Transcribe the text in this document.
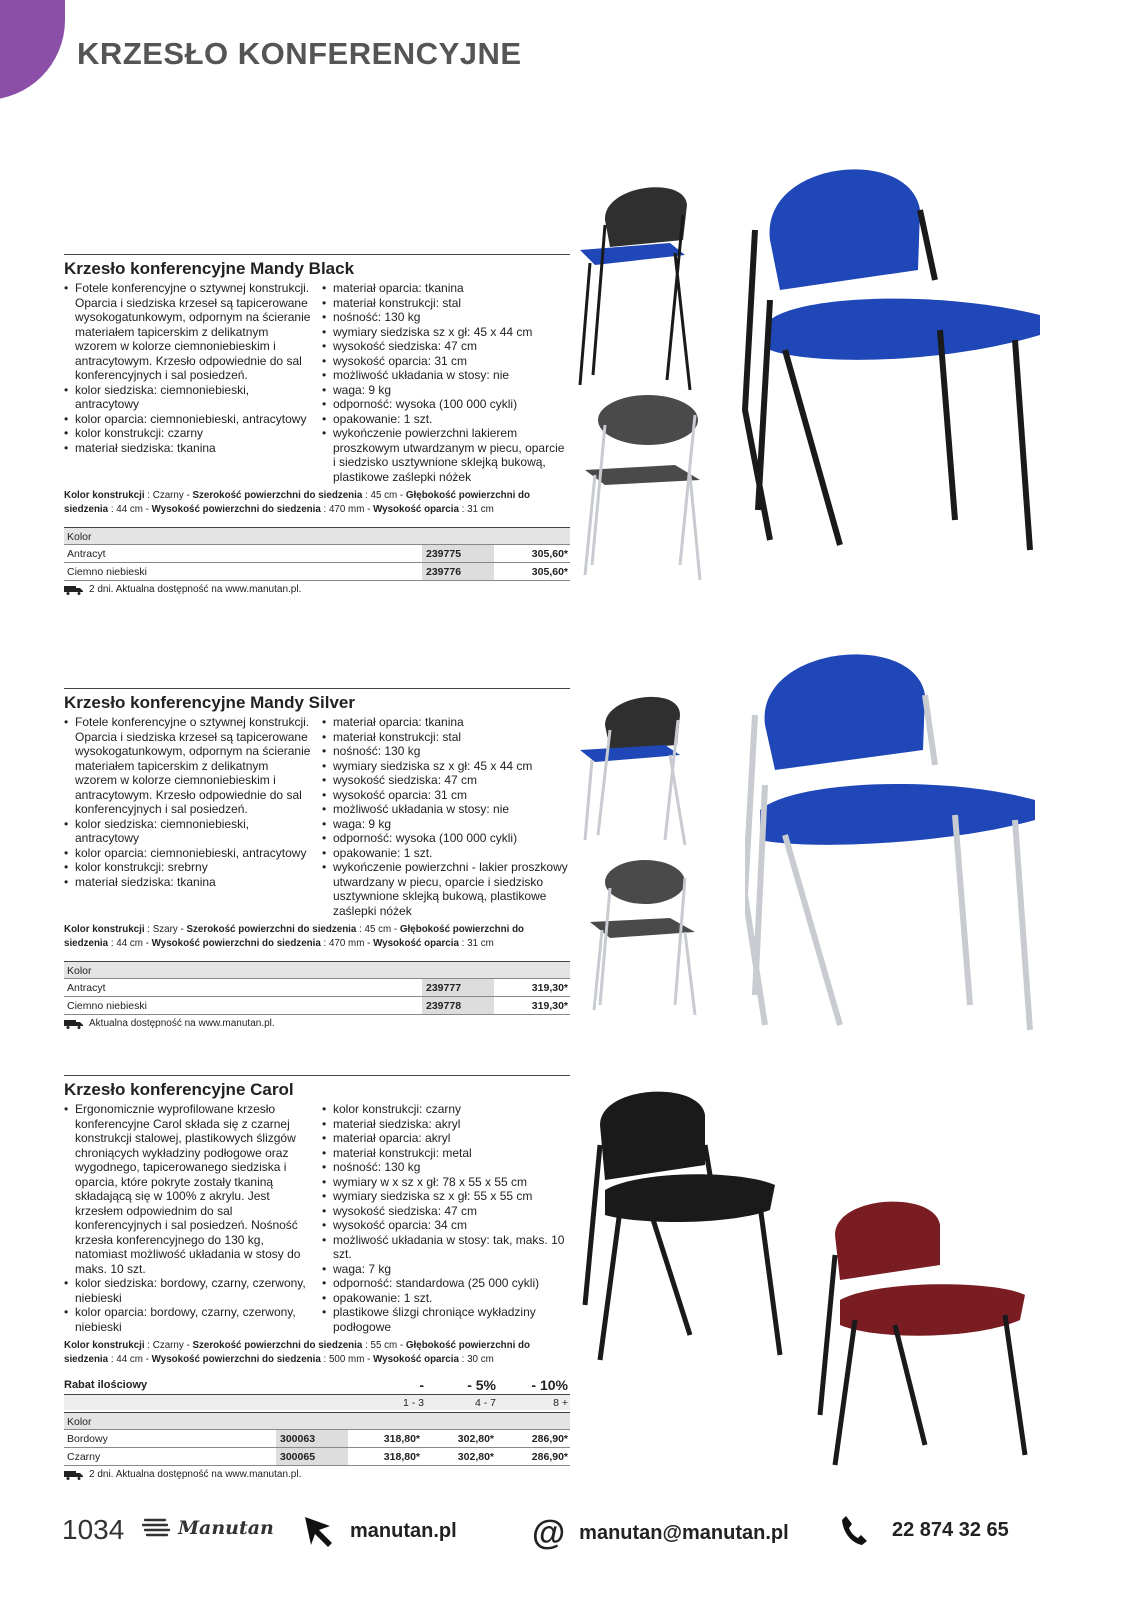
KRZESŁO KONFERENCYJNE
Krzesło konferencyjne Mandy Black
• Fotele konferencyjne o sztywnej konstrukcji. Oparcia i siedziska krzeseł są tapicerowane wysokogatunkowym, odpornym na ścieranie materiałem tapicerskim z delikatnym wzorem w kolorze ciemnoniebieskim i antracytowym. Krzesło odpowiednie do sal konferencyjnych i sal posiedzeń.
• kolor siedziska: ciemnoniebieski, antracytowy
• kolor oparcia: ciemnoniebieski, antracytowy
• kolor konstrukcji: czarny
• materiał siedziska: tkanina
• materiał oparcia: tkanina
• materiał konstrukcji: stal
• nośność: 130 kg
• wymiary siedziska sz x gł: 45 x 44 cm
• wysokość siedziska: 47 cm
• wysokość oparcia: 31 cm
• możliwość układania w stosy: nie
• waga: 9 kg
• odporność: wysoka (100 000 cykli)
• opakowanie: 1 szt.
• wykończenie powierzchni lakierem proszkowym utwardzanym w piecu, oparcie i siedzisko usztywnione sklejką bukową, plastikowe zaślepki nóżek

Kolor konstrukcji : Czarny - Szerokość powierzchni do siedzenia : 45 cm - Głębokość powierzchni do siedzenia : 44 cm - Wysokość powierzchni do siedzenia : 470 mm - Wysokość oparcia : 31 cm

Kolor
Antracyt	239775	305,60*
Ciemno niebieski	239776	305,60*
2 dni. Aktualna dostępność na www.manutan.pl.
Krzesło konferencyjne Mandy Silver
• Fotele konferencyjne o sztywnej konstrukcji. Oparcia i siedziska krzeseł są tapicerowane wysokogatunkowym, odpornym na ścieranie materiałem tapicerskim z delikatnym wzorem w kolorze ciemnoniebieskim i antracytowym. Krzesło odpowiednie do sal konferencyjnych i sal posiedzeń.
• kolor siedziska: ciemnoniebieski, antracytowy
• kolor oparcia: ciemnoniebieski, antracytowy
• kolor konstrukcji: srebrny
• materiał siedziska: tkanina
• materiał oparcia: tkanina
• materiał konstrukcji: stal
• nośność: 130 kg
• wymiary siedziska sz x gł: 45 x 44 cm
• wysokość siedziska: 47 cm
• wysokość oparcia: 31 cm
• możliwość układania w stosy: nie
• waga: 9 kg
• odporność: wysoka (100 000 cykli)
• opakowanie: 1 szt.
• wykończenie powierzchni - lakier proszkowy utwardzany w piecu, oparcie i siedzisko usztywnione sklejką bukową, plastikowe zaślepki nóżek

Kolor konstrukcji : Szary - Szerokość powierzchni do siedzenia : 45 cm - Głębokość powierzchni do siedzenia : 44 cm - Wysokość powierzchni do siedzenia : 470 mm - Wysokość oparcia : 31 cm

Kolor
Antracyt	239777	319,30*
Ciemno niebieski	239778	319,30*
Aktualna dostępność na www.manutan.pl.
Krzesło konferencyjne Carol
• Ergonomicznie wyprofilowane krzesło konferencyjne Carol składa się z czarnej konstrukcji stalowej, plastikowych ślizgów chroniących wykładziny podłogowe oraz wygodnego, tapicerowanego siedziska i oparcia, które pokryte zostały tkaniną składającą się w 100% z akrylu. Jest krzesłem odpowiednim do sal konferencyjnych i sal posiedzeń. Nośność krzesła konferencyjnego do 130 kg, natomiast możliwość układania w stosy do maks. 10 szt.
• kolor siedziska: bordowy, czarny, czerwony, niebieski
• kolor oparcia: bordowy, czarny, czerwony, niebieski
• kolor konstrukcji: czarny
• materiał siedziska: akryl
• materiał oparcia: akryl
• materiał konstrukcji: metal
• nośność: 130 kg
• wymiary w x sz x gł: 78 x 55 x 55 cm
• wymiary siedziska sz x gł: 55 x 55 cm
• wysokość siedziska: 47 cm
• wysokość oparcia: 34 cm
• możliwość układania w stosy: tak, maks. 10 szt.
• waga: 7 kg
• odporność: standardowa (25 000 cykli)
• opakowanie: 1 szt.
• plastikowe ślizgi chroniące wykładziny podłogowe

Kolor konstrukcji : Czarny - Szerokość powierzchni do siedzenia : 55 cm - Głębokość powierzchni do siedzenia : 44 cm - Wysokość powierzchni do siedzenia : 500 mm - Wysokość oparcia : 30 cm

Rabat ilościowy	-	- 5%	- 10%
1 - 3	4 - 7	8 +
Kolor
Bordowy	300063	318,80*	302,80*	286,90*
Czarny	300065	318,80*	302,80*	286,90*
2 dni. Aktualna dostępność na www.manutan.pl.
1034	Manutan	manutan.pl @ manutan@manutan.pl	22 874 32 65
